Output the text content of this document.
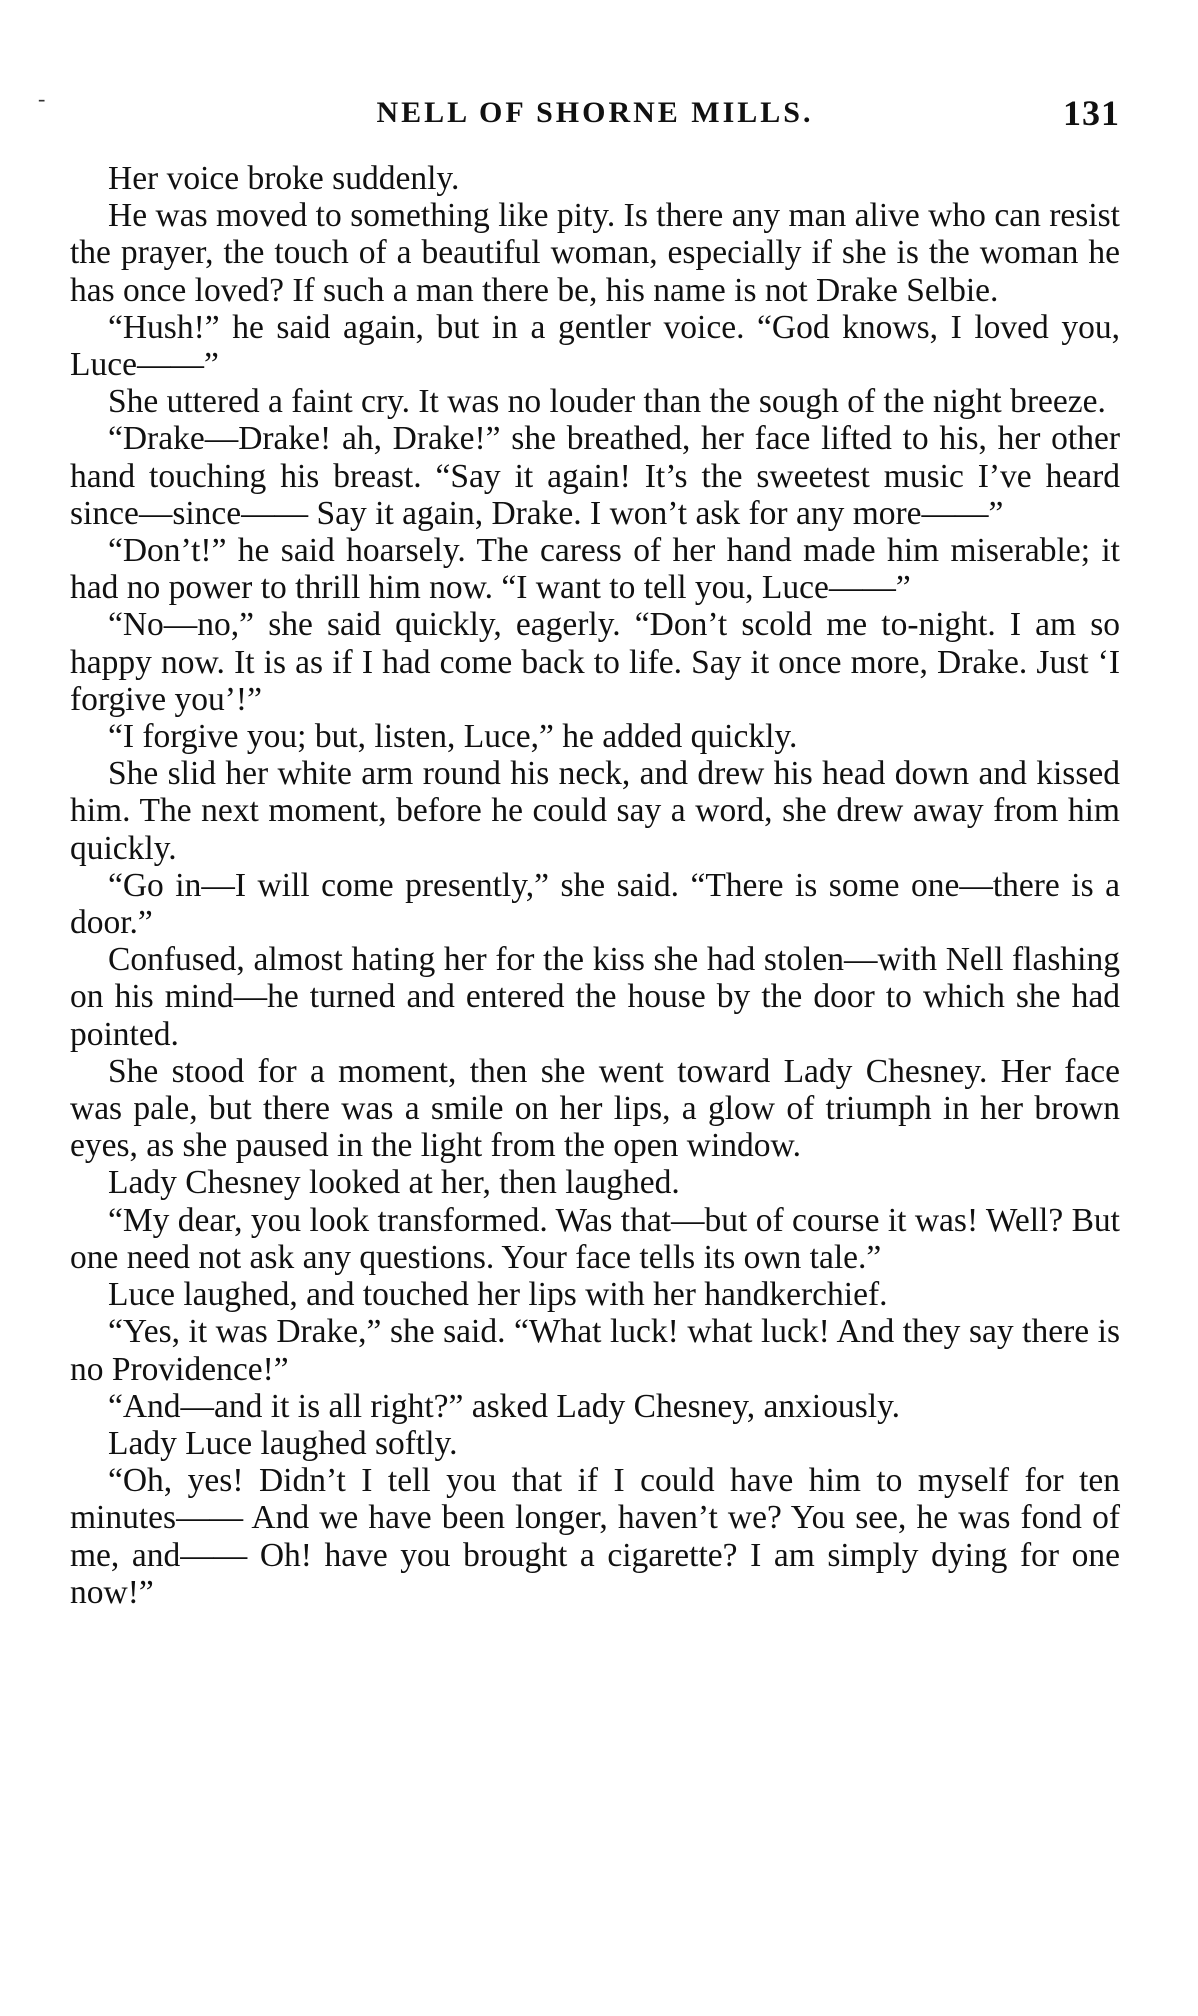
-	NELL OF SHORNE MILLS.	131

Her voice broke suddenly.

He was moved to something like pity. Is there any man alive who can resist the prayer, the touch of a beautiful woman, especially if she is the woman he has once loved? If such a man there be, his name is not Drake Selbie.

“Hush!” he said again, but in a gentler voice. “God knows, I loved you, Luce——”

She uttered a faint cry. It was no louder than the sough of the night breeze.

“Drake—Drake! ah, Drake!” she breathed, her face lifted to his, her other hand touching his breast. “Say it again! It’s the sweetest music I’ve heard since—since—— Say it again, Drake. I won’t ask for any more——”

“Don’t!” he said hoarsely. The caress of her hand made him miserable; it had no power to thrill him now. “I want to tell you, Luce——”

“No—no,” she said quickly, eagerly. “Don’t scold me to-night. I am so happy now. It is as if I had come back to life. Say it once more, Drake. Just ‘I forgive you’!”

“I forgive you; but, listen, Luce,” he added quickly.

She slid her white arm round his neck, and drew his head down and kissed him. The next moment, before he could say a word, she drew away from him quickly.

“Go in—I will come presently,” she said. “There is some one—there is a door.”

Confused, almost hating her for the kiss she had stolen—with Nell flashing on his mind—he turned and entered the house by the door to which she had pointed.

She stood for a moment, then she went toward Lady Chesney. Her face was pale, but there was a smile on her lips, a glow of triumph in her brown eyes, as she paused in the light from the open window.

Lady Chesney looked at her, then laughed.

“My dear, you look transformed. Was that—but of course it was! Well? But one need not ask any questions. Your face tells its own tale.”

Luce laughed, and touched her lips with her handkerchief.

“Yes, it was Drake,” she said. “What luck! what luck! And they say there is no Providence!”

“And—and it is all right?” asked Lady Chesney, anxiously.

Lady Luce laughed softly.

“Oh, yes! Didn’t I tell you that if I could have him to myself for ten minutes—— And we have been longer, haven’t we? You see, he was fond of me, and—— Oh! have you brought a cigarette? I am simply dying for one now!”
